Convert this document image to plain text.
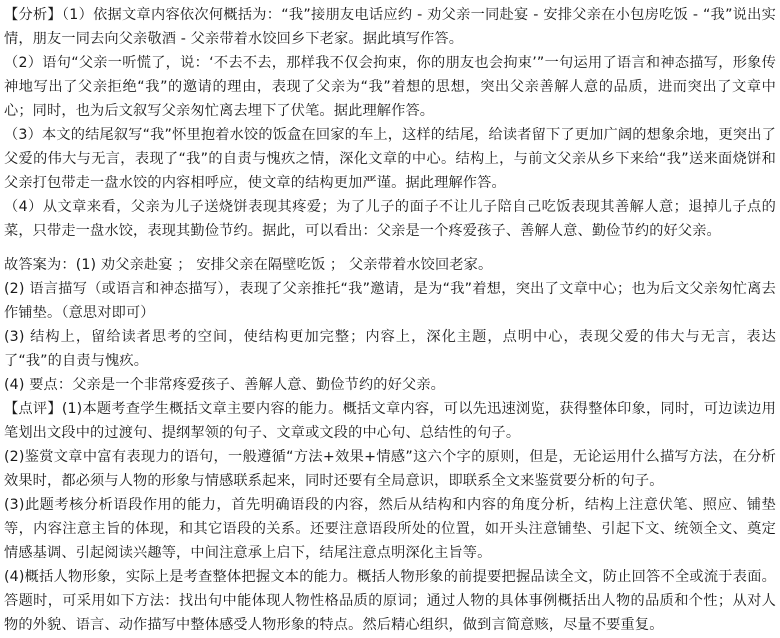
【分析】（1）依据文章内容依次何概括为：“我”接朋友电话应约 - 劝父亲一同赴宴 - 安排父亲在小包房吃饭 - “我”说出实情，朋友一同去向父亲敬酒 - 父亲带着水饺回乡下老家。据此填写作答。

（2）语句“父亲一听慌了，说：‘不去不去，那样我不仅会拘束，你的朋友也会拘束’”一句运用了语言和神态描写，形象传神地写出了父亲拒绝“我”的邀请的理由，表现了父亲为“我”着想的思想，突出父亲善解人意的品质，进而突出了文章中心；同时，也为后文叙写父亲匆忙离去埋下了伏笔。据此理解作答。

（3）本文的结尾叙写“我”怀里抱着水饺的饭盒在回家的车上，这样的结尾，给读者留下了更加广阔的想象余地，更突出了父爱的伟大与无言，表现了“我”的自责与愧疚之情，深化文章的中心。结构上，与前文父亲从乡下来给“我”送来面烧饼和父亲打包带走一盘水饺的内容相呼应，使文章的结构更加严谨。据此理解作答。

（4）从文章来看，父亲为儿子送烧饼表现其疼爱；为了儿子的面子不让儿子陪自己吃饭表现其善解人意；退掉儿子点的菜，只带走一盘水饺，表现其勤俭节约。据此，可以看出：父亲是一个疼爱孩子、善解人意、勤俭节约的好父亲。

故答案为：(1) 劝父亲赴宴 ； 安排父亲在隔壁吃饭 ； 父亲带着水饺回老家。

(2) 语言描写（或语言和神态描写），表现了父亲推托“我”邀请，是为“我”着想，突出了文章中心；也为后文父亲匆忙离去作铺垫。（意思对即可）

(3) 结构上，留给读者思考的空间，使结构更加完整；内容上，深化主题，点明中心，表现父爱的伟大与无言，表达了“我”的自责与愧疚。

(4) 要点：父亲是一个非常疼爱孩子、善解人意、勤俭节约的好父亲。

【点评】(1)本题考查学生概括文章主要内容的能力。概括文章内容，可以先迅速浏览，获得整体印象，同时，可边读边用笔划出文段中的过渡句、提纲挈领的句子、文章或文段的中心句、总结性的句子。

(2)鉴赏文章中富有表现力的语句，一般遵循“方法+效果+情感”这六个字的原则，但是，无论运用什么描写方法，在分析效果时，都必须与人物的形象与情感联系起来，同时还要有全局意识，即联系全文来鉴赏要分析的句子。

(3)此题考核分析语段作用的能力，首先明确语段的内容，然后从结构和内容的角度分析，结构上注意伏笔、照应、铺垫等，内容注意主旨的体现，和其它语段的关系。还要注意语段所处的位置，如开头注意铺垫、引起下文、统领全文、奠定情感基调、引起阅读兴趣等，中间注意承上启下，结尾注意点明深化主旨等。

(4)概括人物形象，实际上是考查整体把握文本的能力。概括人物形象的前提要把握品读全文，防止回答不全或流于表面。答题时，可采用如下方法：找出句中能体现人物性格品质的原词；通过人物的具体事例概括出人物的品质和个性；从对人物的外貌、语言、动作描写中整体感受人物形象的特点。然后精心组织，做到言简意赅，尽量不要重复。
